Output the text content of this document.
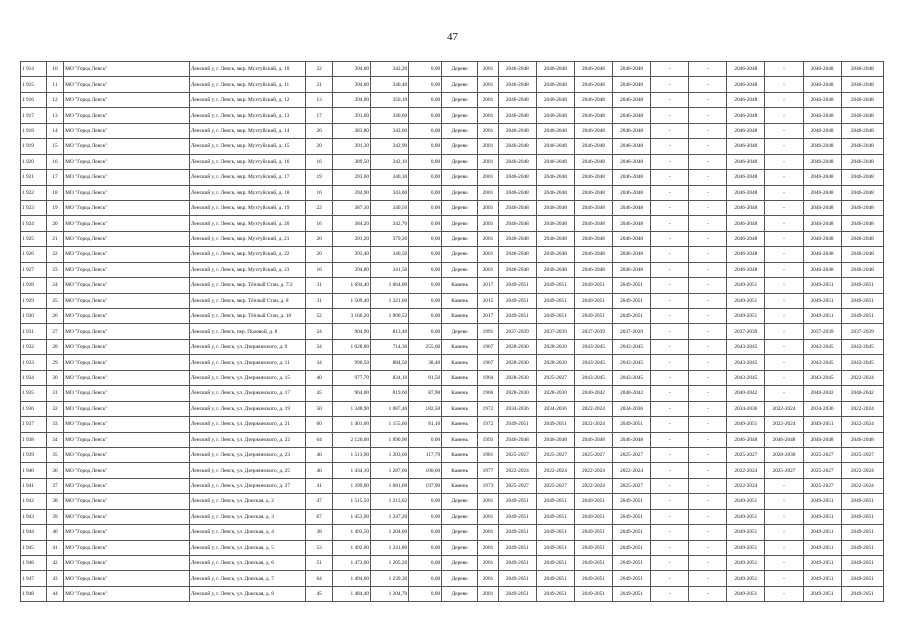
47
1 914	10	МО "Город Ленск"	Ленский у, г. Ленск, мкр. Мухтуйский, д. 10	22	394,00	342,20	0,00	Дерево	2001	2046-2048	2046-2048	2046-2048	2046-2048	-	-	2046-2048	-	2046-2048	2046-2048
1 915	11	МО "Город Ленск"	Ленский у, г. Ленск, мкр. Мухтуйский, д. 11	21	394,00	340,40	0,00	Дерево	2001	2046-2048	2046-2048	2046-2048	2046-2048	-	-	2046-2048	-	2046-2048	2046-2048
1 916	12	МО "Город Ленск"	Ленский у, г. Ленск, мкр. Мухтуйский, д. 12	13	394,00	350,10	0,00	Дерево	2001	2046-2048	2046-2048	2046-2048	2046-2048	-	-	2046-2048	-	2046-2048	2046-2048
1 917	13	МО "Город Ленск"	Ленский у, г. Ленск, мкр. Мухтуйский, д. 13	17	391,60	340,60	0,00	Дерево	2001	2046-2048	2046-2048	2046-2048	2046-2048	-	-	2046-2048	-	2046-2048	2046-2048
1 918	14	МО "Город Ленск"	Ленский у, г. Ленск, мкр. Мухтуйский, д. 14	20	383,80	342,60	0,00	Дерево	2001	2046-2048	2046-2048	2046-2048	2046-2048	-	-	2046-2048	-	2046-2048	2046-2048
1 919	15	МО "Город Ленск"	Ленский у, г. Ленск, мкр. Мухтуйский, д. 15	20	391,30	342,90	0,00	Дерево	2001	2046-2048	2046-2048	2046-2048	2046-2048	-	-	2046-2048	-	2046-2048	2046-2048
1 920	16	МО "Город Ленск"	Ленский у, г. Ленск, мкр. Мухтуйский, д. 16	16	389,50	342,10	0,00	Дерево	2001	2046-2048	2046-2048	2046-2048	2046-2048	-	-	2046-2048	-	2046-2048	2046-2048
1 921	17	МО "Город Ленск"	Ленский у, г. Ленск, мкр. Мухтуйский, д. 17	19	393,00	340,30	0,00	Дерево	2001	2046-2048	2046-2048	2046-2048	2046-2048	-	-	2046-2048	-	2046-2048	2046-2048
1 922	18	МО "Город Ленск"	Ленский у, г. Ленск, мкр. Мухтуйский, д. 18	16	394,90	343,00	0,00	Дерево	2001	2046-2048	2046-2048	2046-2048	2046-2048	-	-	2046-2048	-	2046-2048	2046-2048
1 923	19	МО "Город Ленск"	Ленский у, г. Ленск, мкр. Мухтуйский, д. 19	22	387,10	340,50	0,00	Дерево	2001	2046-2048	2046-2048	2046-2048	2046-2048	-	-	2046-2048	-	2046-2048	2046-2048
1 924	20	МО "Город Ленск"	Ленский у, г. Ленск, мкр. Мухтуйский, д. 20	16	384,20	342,70	0,00	Дерево	2001	2046-2048	2046-2048	2046-2048	2046-2048	-	-	2046-2048	-	2046-2048	2046-2048
1 925	21	МО "Город Ленск"	Ленский у, г. Ленск, мкр. Мухтуйский, д. 21	20	391,20	379,20	0,00	Дерево	2001	2046-2048	2046-2048	2046-2048	2046-2048	-	-	2046-2048	-	2046-2048	2046-2048
1 926	22	МО "Город Ленск"	Ленский у, г. Ленск, мкр. Мухтуйский, д. 22	20	393,40	340,50	0,00	Дерево	2001	2046-2048	2046-2048	2046-2048	2046-2048	-	-	2046-2048	-	2046-2048	2046-2048
1 927	23	МО "Город Ленск"	Ленский у, г. Ленск, мкр. Мухтуйский, д. 23	16	394,80	341,50	0,00	Дерево	2001	2046-2048	2046-2048	2046-2048	2046-2048	-	-	2046-2048	-	2046-2048	2046-2048
1 928	24	МО "Город Ленск"	Ленский у, г. Ленск, мкр. Тёплый Стан, д. 7/2	31	1 694,40	1 064,00	0,00	Камень	2017	2049-2051	2049-2051	2049-2051	2049-2051	-	-	2049-2051	-	2049-2051	2049-2051
1 929	25	МО "Город Ленск"	Ленский у, г. Ленск, мкр. Тёплый Стан, д. 8	31	1 509,40	1 321,60	0,00	Камень	2015	2049-2051	2049-2051	2049-2051	2049-2051	-	-	2049-2051	-	2049-2051	2049-2051
1 930	26	МО "Город Ленск"	Ленский у, г. Ленск, мкр. Тёплый Стан, д. 10	52	3 160,20	1 900,52	0,00	Камень	2017	2049-2051	2049-2051	2049-2051	2049-2051	-	-	2049-2051	-	2049-2051	2049-2051
1 931	27	МО "Город Ленск"	Ленский у, г. Ленск, пер. Полевой, д. 8	24	904,90	813,40	0,00	Дерево	1991	2037-2039	2037-2039	2037-2039	2037-2039	-	-	2037-2039	-	2037-2039	2037-2039
1 932	28	МО "Город Ленск"	Ленский у, г. Ленск, ул. Дзержинского, д. 9	24	1 028,00	714,30	255,60	Камень	1967	2028-2030	2028-2030	2043-2045	2043-2045	-	-	2043-2045	-	2043-2045	2043-2045
1 933	29	МО "Город Ленск"	Ленский у, г. Ленск, ул. Дзержинского, д. 11	34	996,50	884,50	38,40	Камень	1967	2028-2030	2028-2030	2043-2045	2043-2045	-	-	2043-2045	-	2043-2045	2043-2045
1 934	30	МО "Город Ленск"	Ленский у, г. Ленск, ул. Дзержинского, д. 15	40	977,70	824,10	81,50	Камень	1964	2028-2030	2025-2027	2043-2045	2043-2045	-	-	2043-2045	-	2043-2045	2022-2024
1 935	31	МО "Город Ленск"	Ленский у, г. Ленск, ул. Дзержинского, д. 17	45	964,00	819,60	87,90	Камень	1966	2028-2030	2028-2030	2040-2042	2040-2042	-	-	2040-2042	-	2040-2042	2040-2042
1 936	32	МО "Город Ленск"	Ленский у, г. Ленск, ул. Дзержинского, д. 19	50	1 348,90	1 087,40	182,50	Камень	1972	2034-2036	2034-2036	2022-2024	2034-2036	-	-	2034-2036	2022-2024	2034-2036	2022-2024
1 937	33	МО "Город Ленск"	Ленский у, г. Ленск, ул. Дзержинского, д. 21	60	1 401,00	1 155,60	81,10	Камень	1972	2049-2051	2049-2051	2022-2024	2049-2051	-	-	2049-2051	2022-2024	2049-2051	2022-2024
1 938	34	МО "Город Ленск"	Ленский у, г. Ленск, ул. Дзержинского, д. 22	64	2 120,00	1 890,90	0,00	Камень	1993	2046-2048	2046-2048	2046-2048	2046-2048	-	-	2046-2048	2046-2048	2046-2048	2046-2048
1 939	35	МО "Город Ленск"	Ленский у, г. Ленск, ул. Дзержинского, д. 23	46	1 513,90	1 203,60	117,70	Камень	1981	2025-2027	2025-2027	2025-2027	2025-2027	-	-	2025-2027	2028-2030	2025-2027	2025-2027
1 940	36	МО "Город Ленск"	Ленский у, г. Ленск, ул. Дзержинского, д. 25	46	1 434,10	1 287,60	100,60	Камень	1977	2022-2024	2022-2024	2022-2024	2022-2024	-	-	2022-2024	2025-2027	2025-2027	2022-2024
1 941	37	МО "Город Ленск"	Ленский у, г. Ленск, ул. Дзержинского, д. 27	41	1 399,00	1 081,60	197,90	Камень	1973	2025-2027	2025-2027	2022-2024	2025-2027	-	-	2022-2024	-	2025-2027	2022-2024
1 942	38	МО "Город Ленск"	Ленский у, г. Ленск, ул. Донская, д. 2	47	1 515,50	1 213,62	0,00	Дерево	2001	2049-2051	2049-2051	2049-2051	2049-2051	-	-	2049-2051	-	2049-2051	2049-2051
1 943	39	МО "Город Ленск"	Ленский у, г. Ленск, ул. Донская, д. 3	67	1 453,90	1 247,20	0,00	Дерево	2001	2049-2051	2049-2051	2049-2051	2049-2051	-	-	2049-2051	-	2049-2051	2049-2051
1 944	40	МО "Город Ленск"	Ленский у, г. Ленск, ул. Донская, д. 4	38	1 493,50	1 204,60	0,00	Дерево	2001	2049-2051	2049-2051	2049-2051	2049-2051	-	-	2049-2051	-	2049-2051	2049-2051
1 945	41	МО "Город Ленск"	Ленский у, г. Ленск, ул. Донская, д. 5	53	1 492,00	1 241,80	0,00	Дерево	2001	2049-2051	2049-2051	2049-2051	2049-2051	-	-	2049-2051	-	2049-2051	2049-2051
1 946	42	МО "Город Ленск"	Ленский у, г. Ленск, ул. Донская, д. 6	51	1 473,00	1 205,20	0,00	Дерево	2001	2049-2051	2049-2051	2049-2051	2049-2051	-	-	2049-2051	-	2049-2051	2049-2051
1 947	43	МО "Город Ленск"	Ленский у, г. Ленск, ул. Донская, д. 7	64	1 494,00	1 239,30	0,00	Дерево	2001	2049-2051	2049-2051	2049-2051	2049-2051	-	-	2049-2051	-	2049-2051	2049-2051
1 948	44	МО "Город Ленск"	Ленский у, г. Ленск, ул. Донская, д. 8	45	1 484,40	1 204,70	0,00	Дерево	2001	2049-2051	2049-2051	2049-2051	2049-2051	-	-	2049-2051	-	2049-2051	2049-2051
